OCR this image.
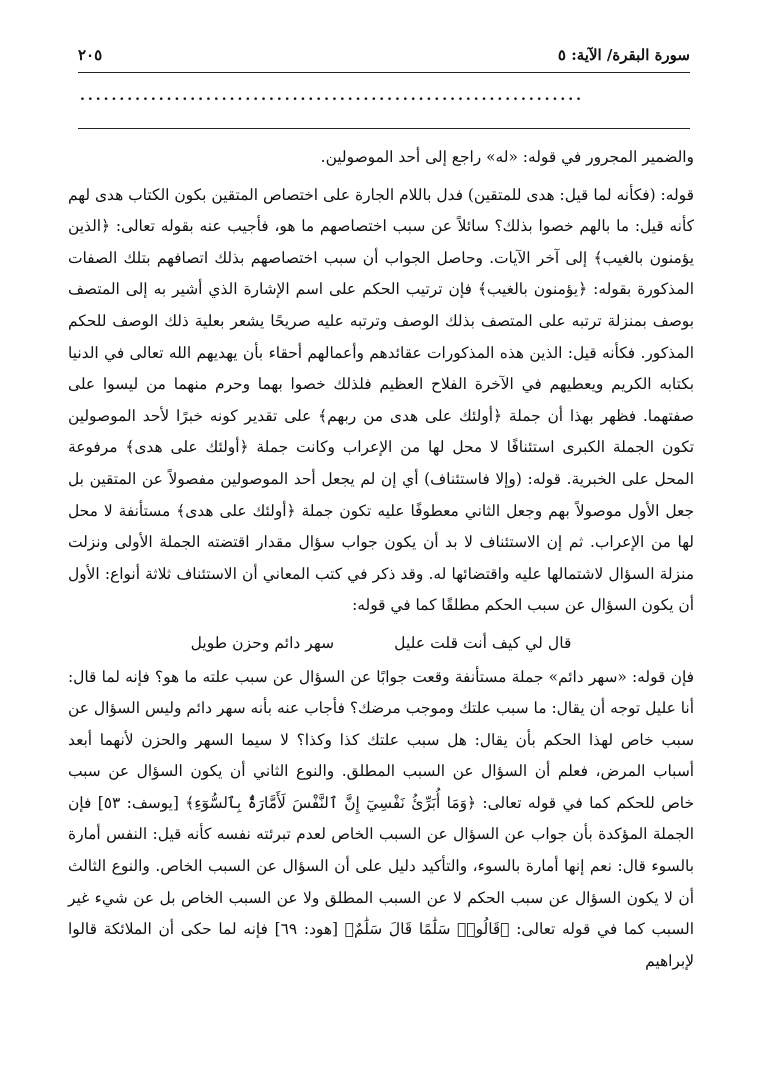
سورة البقرة/ الآية: ٥
٢٠٥
................................................................

والضمير المجرور في قوله: «له» راجع إلى أحد الموصولين.

قوله: (فكأنه لما قيل: هدى للمتقين) فدل باللام الجارة على اختصاص المتقين بكون الكتاب هدى لهم كأنه قيل: ما بالهم خصوا بذلك؟ سائلاً عن سبب اختصاصهم ما هو، فأجيب عنه بقوله تعالى: ﴿الذين يؤمنون بالغيب﴾ إلى آخر الآيات. وحاصل الجواب أن سبب اختصاصهم بذلك اتصافهم بتلك الصفات المذكورة بقوله: ﴿يؤمنون بالغيب﴾ فإن ترتيب الحكم على اسم الإشارة الذي أشير به إلى المتصف بوصف بمنزلة ترتبه على المتصف بذلك الوصف وترتبه عليه صريحًا يشعر بعلية ذلك الوصف للحكم المذكور. فكأنه قيل: الذين هذه المذكورات عقائدهم وأعمالهم أحقاء بأن يهديهم الله تعالى في الدنيا بكتابه الكريم ويعطيهم في الآخرة الفلاح العظيم فلذلك خصوا بهما وحرم منهما من ليسوا على صفتهما. فظهر بهذا أن جملة ﴿أولئك على هدى من ربهم﴾ على تقدير كونه خبرًا لأحد الموصولين تكون الجملة الكبرى استئنافًا لا محل لها من الإعراب وكانت جملة ﴿أولئك على هدى﴾ مرفوعة المحل على الخبرية. قوله: (وإلا فاستئناف) أي إن لم يجعل أحد الموصولين مفصولاً عن المتقين بل جعل الأول موصولاً بهم وجعل الثاني معطوفًا عليه تكون جملة ﴿أولئك على هدى﴾ مستأنفة لا محل لها من الإعراب. ثم إن الاستئناف لا بد أن يكون جواب سؤال مقدار اقتضته الجملة الأولى ونزلت منزلة السؤال لاشتمالها عليه واقتضائها له. وقد ذكر في كتب المعاني أن الاستئناف ثلاثة أنواع: الأول أن يكون السؤال عن سبب الحكم مطلقًا كما في قوله:

قال لي كيف أنت قلت عليل
سهر دائم وحزن طويل

فإن قوله: «سهر دائم» جملة مستأنفة وقعت جوابًا عن السؤال عن سبب علته ما هو؟ فإنه لما قال: أنا عليل توجه أن يقال: ما سبب علتك وموجب مرضك؟ فأجاب عنه بأنه سهر دائم وليس السؤال عن سبب خاص لهذا الحكم بأن يقال: هل سبب علتك كذا وكذا؟ لا سيما السهر والحزن لأنهما أبعد أسباب المرض، فعلم أن السؤال عن السبب المطلق. والنوع الثاني أن يكون السؤال عن سبب خاص للحكم كما في قوله تعالى: ﴿وَمَا أُبَرِّئُ نَفْسِيٓ إِنَّ ٱلنَّفْسَ لَأَمَّارَةٌۢ بِٱلسُّوٓءِ﴾ [يوسف: ٥٣] فإن الجملة المؤكدة بأن جواب عن السؤال عن السبب الخاص لعدم تبرئته نفسه كأنه قيل: النفس أمارة بالسوء قال: نعم إنها أمارة بالسوء، والتأكيد دليل على أن السؤال عن السبب الخاص. والنوع الثالث أن لا يكون السؤال عن سبب الحكم لا عن السبب المطلق ولا عن السبب الخاص بل عن شيء غير السبب كما في قوله تعالى: ﴿قَالُوا۟ سَلَٰمًا قَالَ سَلَٰمٌ﴾ [هود: ٦٩] فإنه لما حكى أن الملائكة قالوا لإبراهيم
